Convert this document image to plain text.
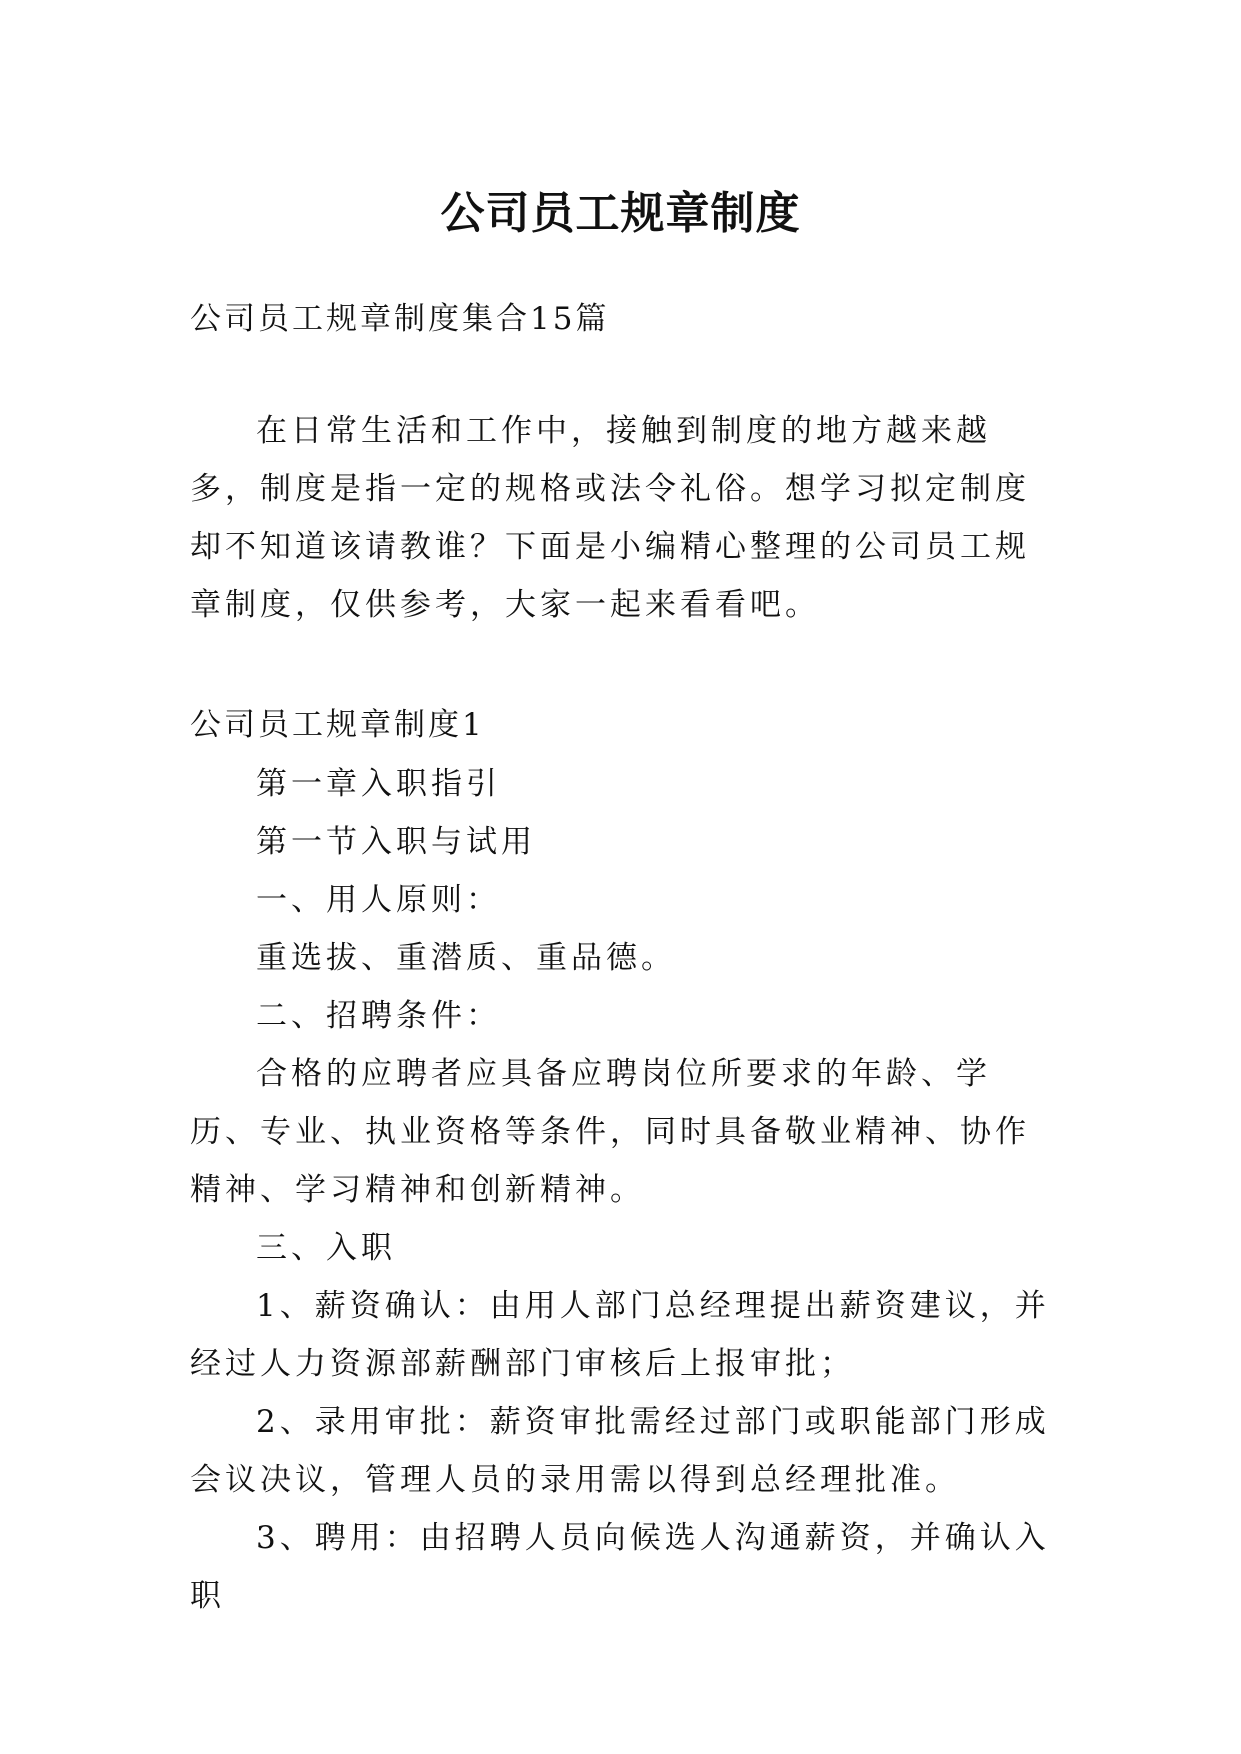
公司员工规章制度

公司员工规章制度集合15篇

在日常生活和工作中，接触到制度的地方越来越多，制度是指一定的规格或法令礼俗。想学习拟定制度却不知道该请教谁？下面是小编精心整理的公司员工规章制度，仅供参考，大家一起来看看吧。

公司员工规章制度1

第一章入职指引

第一节入职与试用

一、用人原则：

重选拔、重潜质、重品德。

二、招聘条件：

合格的应聘者应具备应聘岗位所要求的年龄、学历、专业、执业资格等条件，同时具备敬业精神、协作精神、学习精神和创新精神。

三、入职

1、薪资确认：由用人部门总经理提出薪资建议，并经过人力资源部薪酬部门审核后上报审批；

2、录用审批：薪资审批需经过部门或职能部门形成会议决议，管理人员的录用需以得到总经理批准。

3、聘用：由招聘人员向候选人沟通薪资，并确认入职
